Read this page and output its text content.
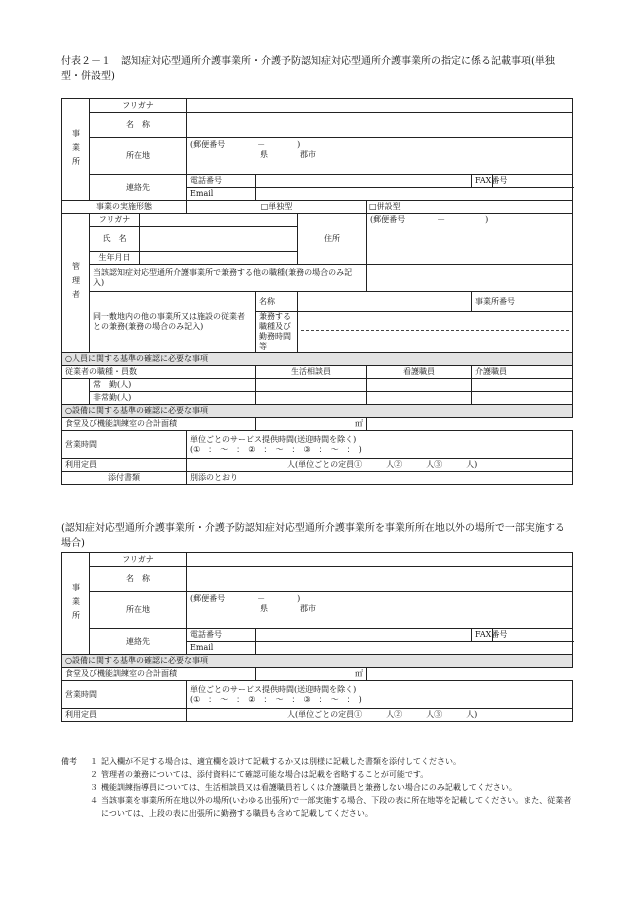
付表２－１　認知症対応型通所介護事業所・介護予防認知症対応型通所介護事業所の指定に係る記載事項(単独型・併設型)
事業所	フリガナ								
	名　称								
	所在地		(郵便番号　　　　－　　　　)
県 郡市						

	連絡先		電話番号				FAX番号		
			Email						
事業の実施形態			□単独型			□併設型			

管理者	フリガナ				住所	(郵便番号　　　　－　　　　　)			

	氏　名								
	生年月日								
	当該認知症対応型通所介護事業所で兼務する他の職種(兼務の場合のみ記入)								
	同一敷地内の他の事業所又は施設の従業者との兼務(兼務の場合のみ記入)			名称			事業所番号		
				兼務する職種及び勤務時間等					

○人員に関する基準の確認に必要な事項									
従業者の職種・員数				生活相談員		看護職員	介護職員		
	常　勤(人)								
	非常勤(人)								
○設備に関する基準の確認に必要な事項									
食堂及び機能訓練室の合計面積				㎡					
営業時間			単位ごとのサービス提供時間(送迎時間を除く)
(①　：　～　：　②　：　～　：　③　：　～　：　)						

利用定員			人(単位ごとの定員①　　　人②　　　人③　　　人)						
添付書類			別添のとおり						
(認知症対応型通所介護事業所・介護予防認知症対応型通所介護事業所を事業所所在地以外の場所で一部実施する場合)
事業所	フリガナ					
	名　称					
	所在地	(郵便番号　　　　－　　　　)
県 郡市				

	連絡先	電話番号			FAX番号	
		Email				
○設備に関する基準の確認に必要な事項						
食堂及び機能訓練室の合計面積			㎡			
営業時間		単位ごとのサービス提供時間(送迎時間を除く)
(①　：　～　：　②　：　～　：　③　：　～　：　)				

利用定員		人(単位ごとの定員①　　　人②　　　人③　　　人)				
備考 １ 記入欄が不足する場合は、適宜欄を設けて記載するか又は別様に記載した書類を添付してください。
２ 管理者の兼務については、添付資料にて確認可能な場合は記載を省略することが可能です。
３ 機能訓練指導員については、生活相談員又は看護職員若しくは介護職員と兼務しない場合にのみ記載してください。
４ 当該事業を事業所所在地以外の場所(いわゆる出張所)で一部実施する場合、下段の表に所在地等を記載してください。また、従業者については、上段の表に出張所に勤務する職員も含めて記載してください。
